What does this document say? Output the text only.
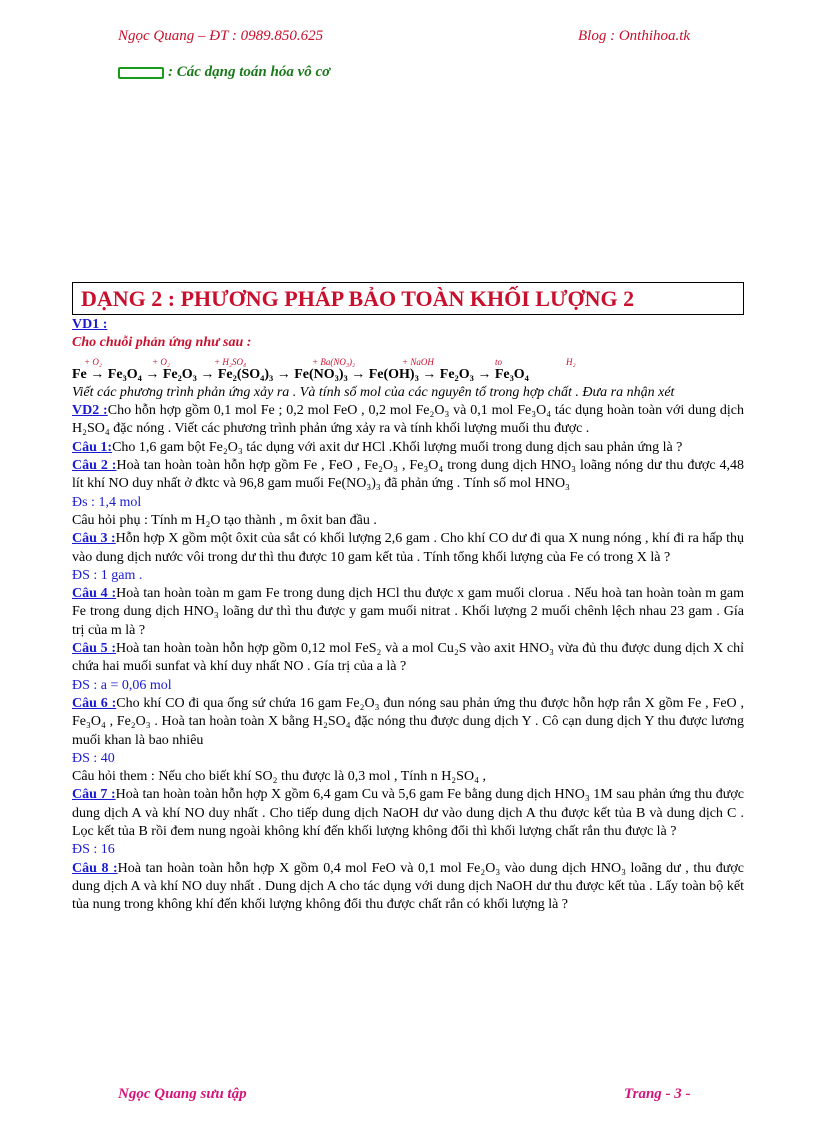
Ngọc Quang – ĐT : 0989.850.625	Blog : Onthihoa.tk
: Các dạng toán hóa vô cơ
DẠNG 2 : PHƯƠNG PHÁP BẢO TOÀN KHỐI LƯỢNG 2

VD1 :

Cho chuỗi phản ứng như sau :

+ O₂	+ O₂	+ H₂SO₄	+ Ba(NO₃)₂	+ NaOH	to	H₂

Fe → Fe₃O₄ → Fe₂O₃ → Fe₂(SO₄)₃ → Fe(NO₃)₃ → Fe(OH)₃ → Fe₂O₃ → Fe₃O₄

Viết các phương trình phản ứng xảy ra . Và tính số mol của các nguyên tố trong hợp chất . Đưa ra nhận xét

VD2 :Cho hỗn hợp gồm 0,1 mol Fe ; 0,2 mol FeO , 0,2 mol Fe₂O₃ và 0,1 mol Fe₃O₄ tác dụng hoàn toàn với dung dịch H₂SO₄ đặc nóng . Viết các phương trình phản ứng xảy ra và tính khối lượng muối thu được .

Câu 1:Cho 1,6 gam bột Fe₂O₃ tác dụng với axit dư HCl .Khối lượng muối trong dung dịch sau phản ứng là ?

Câu 2 :Hoà tan hoàn toàn hỗn hợp gồm Fe , FeO , Fe₂O₃ , Fe₃O₄ trong dung dịch HNO₃ loãng nóng dư thu được 4,48 lít khí NO duy nhất ở đktc và 96,8 gam muối Fe(NO₃)₃ đã phản ứng . Tính số mol HNO₃

Đs : 1,4 mol

Câu hỏi phụ : Tính m H₂O tạo thành , m ôxit ban đầu .

Câu 3 :Hỗn hợp X gồm một ôxit của sắt có khối lượng 2,6 gam . Cho khí CO dư đi qua X nung nóng , khí đi ra hấp thụ vào dung dịch nước vôi trong dư thì thu được 10 gam kết tủa . Tính tổng khối lượng của Fe có trong X là ?

ĐS : 1 gam .

Câu 4 :Hoà tan hoàn toàn m gam Fe trong dung dịch HCl thu được x gam muối clorua . Nếu hoà tan hoàn toàn m gam Fe trong dung dịch HNO₃ loãng dư thì thu được y gam muối nitrat . Khối lượng 2 muối chênh lệch nhau 23 gam . Gía trị của m là ?

Câu 5 :Hoà tan hoàn toàn hỗn hợp gồm 0,12 mol FeS₂ và a mol Cu₂S vào axit HNO₃ vừa đủ thu được dung dịch X chỉ chứa hai muối sunfat và khí duy nhất NO . Gía trị của a là ?

ĐS : a = 0,06 mol

Câu 6 :Cho khí CO đi qua ống sứ chứa 16 gam Fe₂O₃ đun nóng sau phản ứng thu được hỗn hợp rắn X gồm Fe , FeO , Fe₃O₄ , Fe₂O₃ . Hoà tan hoàn toàn X bằng H₂SO₄ đặc nóng thu được dung dịch Y . Cô cạn dung dịch Y thu được lương muối khan là bao nhiêu

ĐS : 40

Câu hỏi them : Nếu cho biết khí SO₂ thu được là 0,3 mol , Tính n H₂SO₄ ,

Câu 7 :Hoà tan hoàn toàn hỗn hợp X gồm 6,4 gam Cu và 5,6 gam Fe bằng dung dịch HNO₃ 1M sau phản ứng thu được dung dịch A và khí NO duy nhất . Cho tiếp dung dịch NaOH dư vào dung dịch A thu được kết tủa B và dung dịch C . Lọc kết tủa B rồi đem nung ngoài không khí đến khối lượng không đổi thì khối lượng chất rắn thu được là ?

ĐS : 16

Câu 8 :Hoà tan hoàn toàn hỗn hợp X gồm 0,4 mol FeO và 0,1 mol Fe₂O₃ vào dung dịch HNO₃ loãng dư , thu được dung dịch A và khí NO duy nhất . Dung dịch A cho tác dụng với dung dịch NaOH dư thu được kết tủa . Lấy toàn bộ kết tủa nung trong không khí đến khối lượng không đổi thu được chất rắn có khối lượng là ?

Ngọc Quang sưu tập	Trang - 3 -
